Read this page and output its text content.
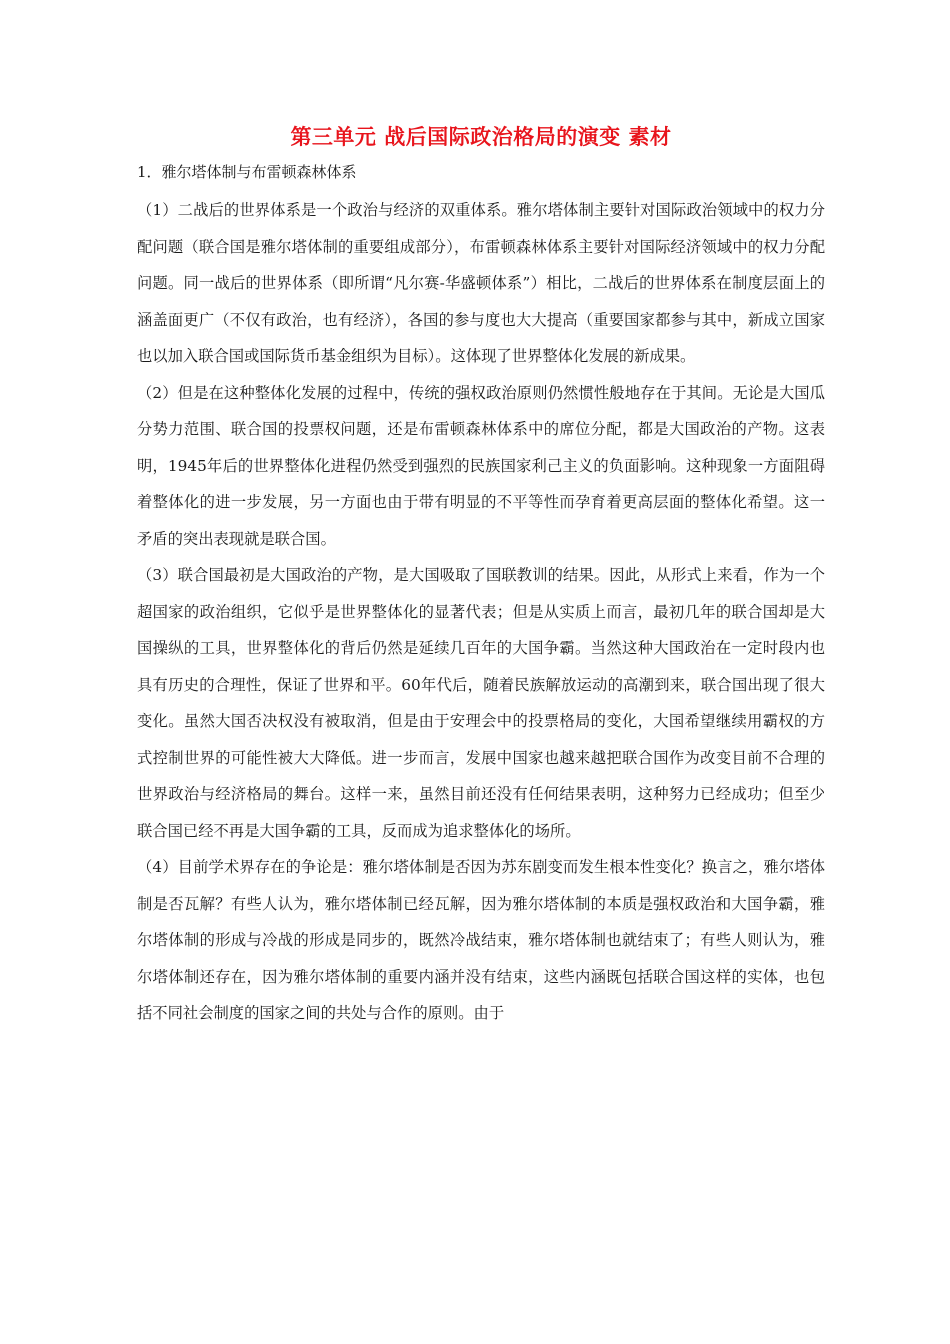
第三单元 战后国际政治格局的演变 素材
1．雅尔塔体制与布雷顿森林体系

（1）二战后的世界体系是一个政治与经济的双重体系。雅尔塔体制主要针对国际政治领域中的权力分配问题（联合国是雅尔塔体制的重要组成部分），布雷顿森林体系主要针对国际经济领域中的权力分配问题。同一战后的世界体系（即所谓“凡尔赛-华盛顿体系”）相比，二战后的世界体系在制度层面上的涵盖面更广（不仅有政治，也有经济），各国的参与度也大大提高（重要国家都参与其中，新成立国家也以加入联合国或国际货币基金组织为目标）。这体现了世界整体化发展的新成果。

（2）但是在这种整体化发展的过程中，传统的强权政治原则仍然惯性般地存在于其间。无论是大国瓜分势力范围、联合国的投票权问题，还是布雷顿森林体系中的席位分配，都是大国政治的产物。这表明，1945年后的世界整体化进程仍然受到强烈的民族国家利己主义的负面影响。这种现象一方面阻碍着整体化的进一步发展，另一方面也由于带有明显的不平等性而孕育着更高层面的整体化希望。这一矛盾的突出表现就是联合国。

（3）联合国最初是大国政治的产物，是大国吸取了国联教训的结果。因此，从形式上来看，作为一个超国家的政治组织，它似乎是世界整体化的显著代表；但是从实质上而言，最初几年的联合国却是大国操纵的工具，世界整体化的背后仍然是延续几百年的大国争霸。当然这种大国政治在一定时段内也具有历史的合理性，保证了世界和平。60年代后，随着民族解放运动的高潮到来，联合国出现了很大变化。虽然大国否决权没有被取消，但是由于安理会中的投票格局的变化，大国希望继续用霸权的方式控制世界的可能性被大大降低。进一步而言，发展中国家也越来越把联合国作为改变目前不合理的世界政治与经济格局的舞台。这样一来，虽然目前还没有任何结果表明，这种努力已经成功；但至少联合国已经不再是大国争霸的工具，反而成为追求整体化的场所。

（4）目前学术界存在的争论是：雅尔塔体制是否因为苏东剧变而发生根本性变化？换言之，雅尔塔体制是否瓦解？有些人认为，雅尔塔体制已经瓦解，因为雅尔塔体制的本质是强权政治和大国争霸，雅尔塔体制的形成与冷战的形成是同步的，既然冷战结束，雅尔塔体制也就结束了；有些人则认为，雅尔塔体制还存在，因为雅尔塔体制的重要内涵并没有结束，这些内涵既包括联合国这样的实体，也包括不同社会制度的国家之间的共处与合作的原则。由于
